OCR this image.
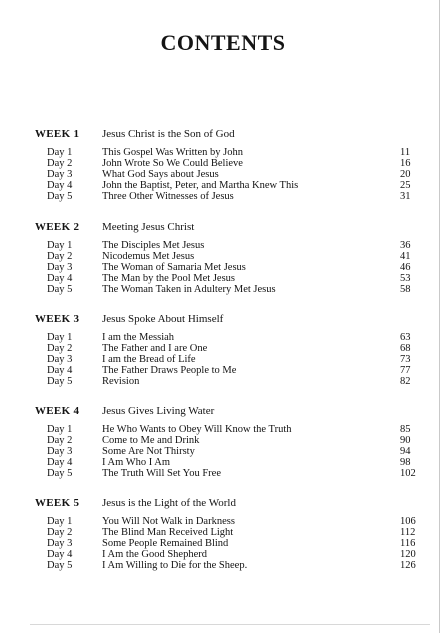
CONTENTS
WEEK 1 Jesus Christ is the Son of God
Day 1	This Gospel Was Written by John	11
Day 2	John Wrote So We Could Believe	16
Day 3	What God Says about Jesus	20
Day 4	John the Baptist, Peter, and Martha Knew This	25
Day 5	Three Other Witnesses of Jesus	31
WEEK 2 Meeting Jesus Christ
Day 1	The Disciples Met Jesus	36
Day 2	Nicodemus Met Jesus	41
Day 3	The Woman of Samaria Met Jesus	46
Day 4	The Man by the Pool Met Jesus	53
Day 5	The Woman Taken in Adultery Met Jesus	58
WEEK 3 Jesus Spoke About Himself
Day 1	I am the Messiah	63
Day 2	The Father and I are One	68
Day 3	I am the Bread of Life	73
Day 4	The Father Draws People to Me	77
Day 5	Revision	82
WEEK 4 Jesus Gives Living Water
Day 1	He Who Wants to Obey Will Know the Truth	85
Day 2	Come to Me and Drink	90
Day 3	Some Are Not Thirsty	94
Day 4	I Am Who I Am	98
Day 5	The Truth Will Set You Free	102
WEEK 5 Jesus is the Light of the World
Day 1	You Will Not Walk in Darkness	106
Day 2	The Blind Man Received Light	112
Day 3	Some People Remained Blind	116
Day 4	I Am the Good Shepherd	120
Day 5	I Am Willing to Die for the Sheep.	126
